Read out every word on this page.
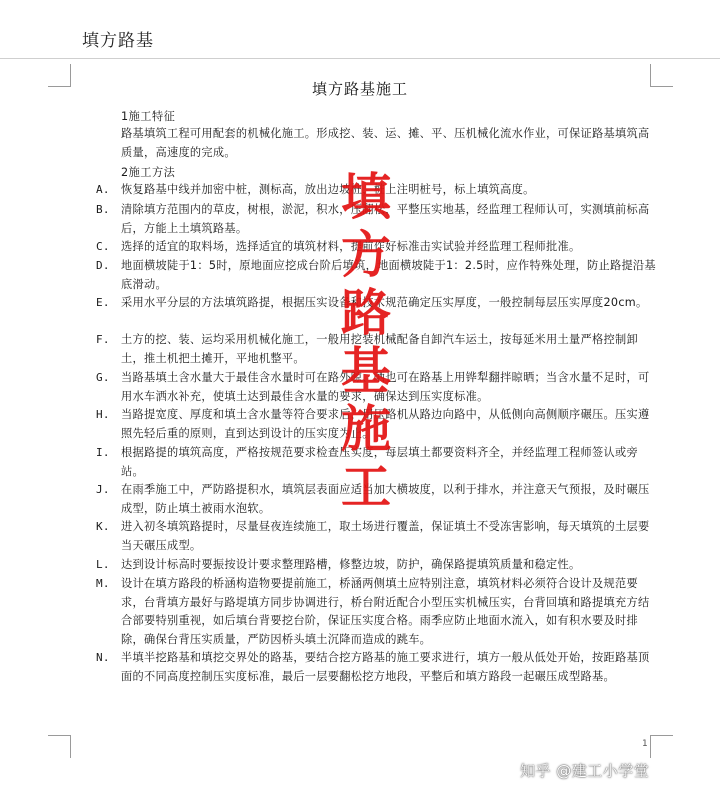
填方路基
填方路基施工
1施工特征
路基填筑工程可用配套的机械化施工。形成挖、装、运、摊、平、压机械化流水作业，可保证路基填筑高质量，高速度的完成。
2施工方法
A. 恢复路基中线并加密中桩，测标高，放出边坡桩，桩上注明桩号，标上填筑高度。
B. 清除填方范围内的草皮，树根，淤泥，积水，压翻松，平整压实地基，经监理工程师认可，实测填前标高后，方能上土填筑路基。
C. 选择的适宜的取料场，选择适宜的填筑材料，提前作好标准击实试验并经监理工程师批准。
D. 地面横坡陡于1：5时，原地面应挖成台阶后填筑，地面横坡陡于1：2.5时，应作特殊处理，防止路提沿基底滑动。
E. 采用水平分层的方法填筑路提，根据压实设备和技术规范确定压实厚度，一般控制每层压实厚度20cm。
F. 土方的挖、装、运均采用机械化施工，一般用挖装机械配备自卸汽车运土，按每延米用土量严格控制卸土，推土机把土摊开，平地机整平。
G. 当路基填土含水量大于最佳含水量时可在路外晾、晒也可在路基上用铧犁翻拌晾晒；当含水量不足时，可用水车洒水补充，使填土达到最佳含水量的要求，确保达到压实度标准。
H. 当路提宽度、厚度和填土含水量等符合要求后，用压路机从路边向路中，从低侧向高侧顺序碾压。压实遵照先轻后重的原则，直到达到设计的压实度为止。
I. 根据路提的填筑高度，严格按规范要求检查压实度，每层填土都要资料齐全，并经监理工程师签认或旁站。
J. 在雨季施工中，严防路提积水，填筑层表面应适当加大横坡度，以利于排水，并注意天气预报，及时碾压成型，防止填土被雨水泡软。
K. 进入初冬填筑路提时，尽量昼夜连续施工，取土场进行覆盖，保证填土不受冻害影响，每天填筑的土层要当天碾压成型。
L. 达到设计标高时要振按设计要求整理路槽，修整边坡，防护，确保路提填筑质量和稳定性。
M. 设计在填方路段的桥涵构造物要提前施工，桥涵两侧填土应特别注意，填筑材料必须符合设计及规范要求，台背填方最好与路堤填方同步协调进行，桥台附近配合小型压实机械压实，台背回填和路提填充方结合部要特别重视，如后填台背要挖台阶，保证压实度合格。雨季应防止地面水流入，如有积水要及时排除，确保台背压实质量，严防因桥头填土沉降而造成的跳车。
N. 半填半挖路基和填挖交界处的路基，要结合挖方路基的施工要求进行，填方一般从低处开始，按距路基顶面的不同高度控制压实度标准，最后一层要翻松挖方地段，平整后和填方路段一起碾压成型路基。
填
方
路
基
施
工
1
知乎 @建工小学堂
